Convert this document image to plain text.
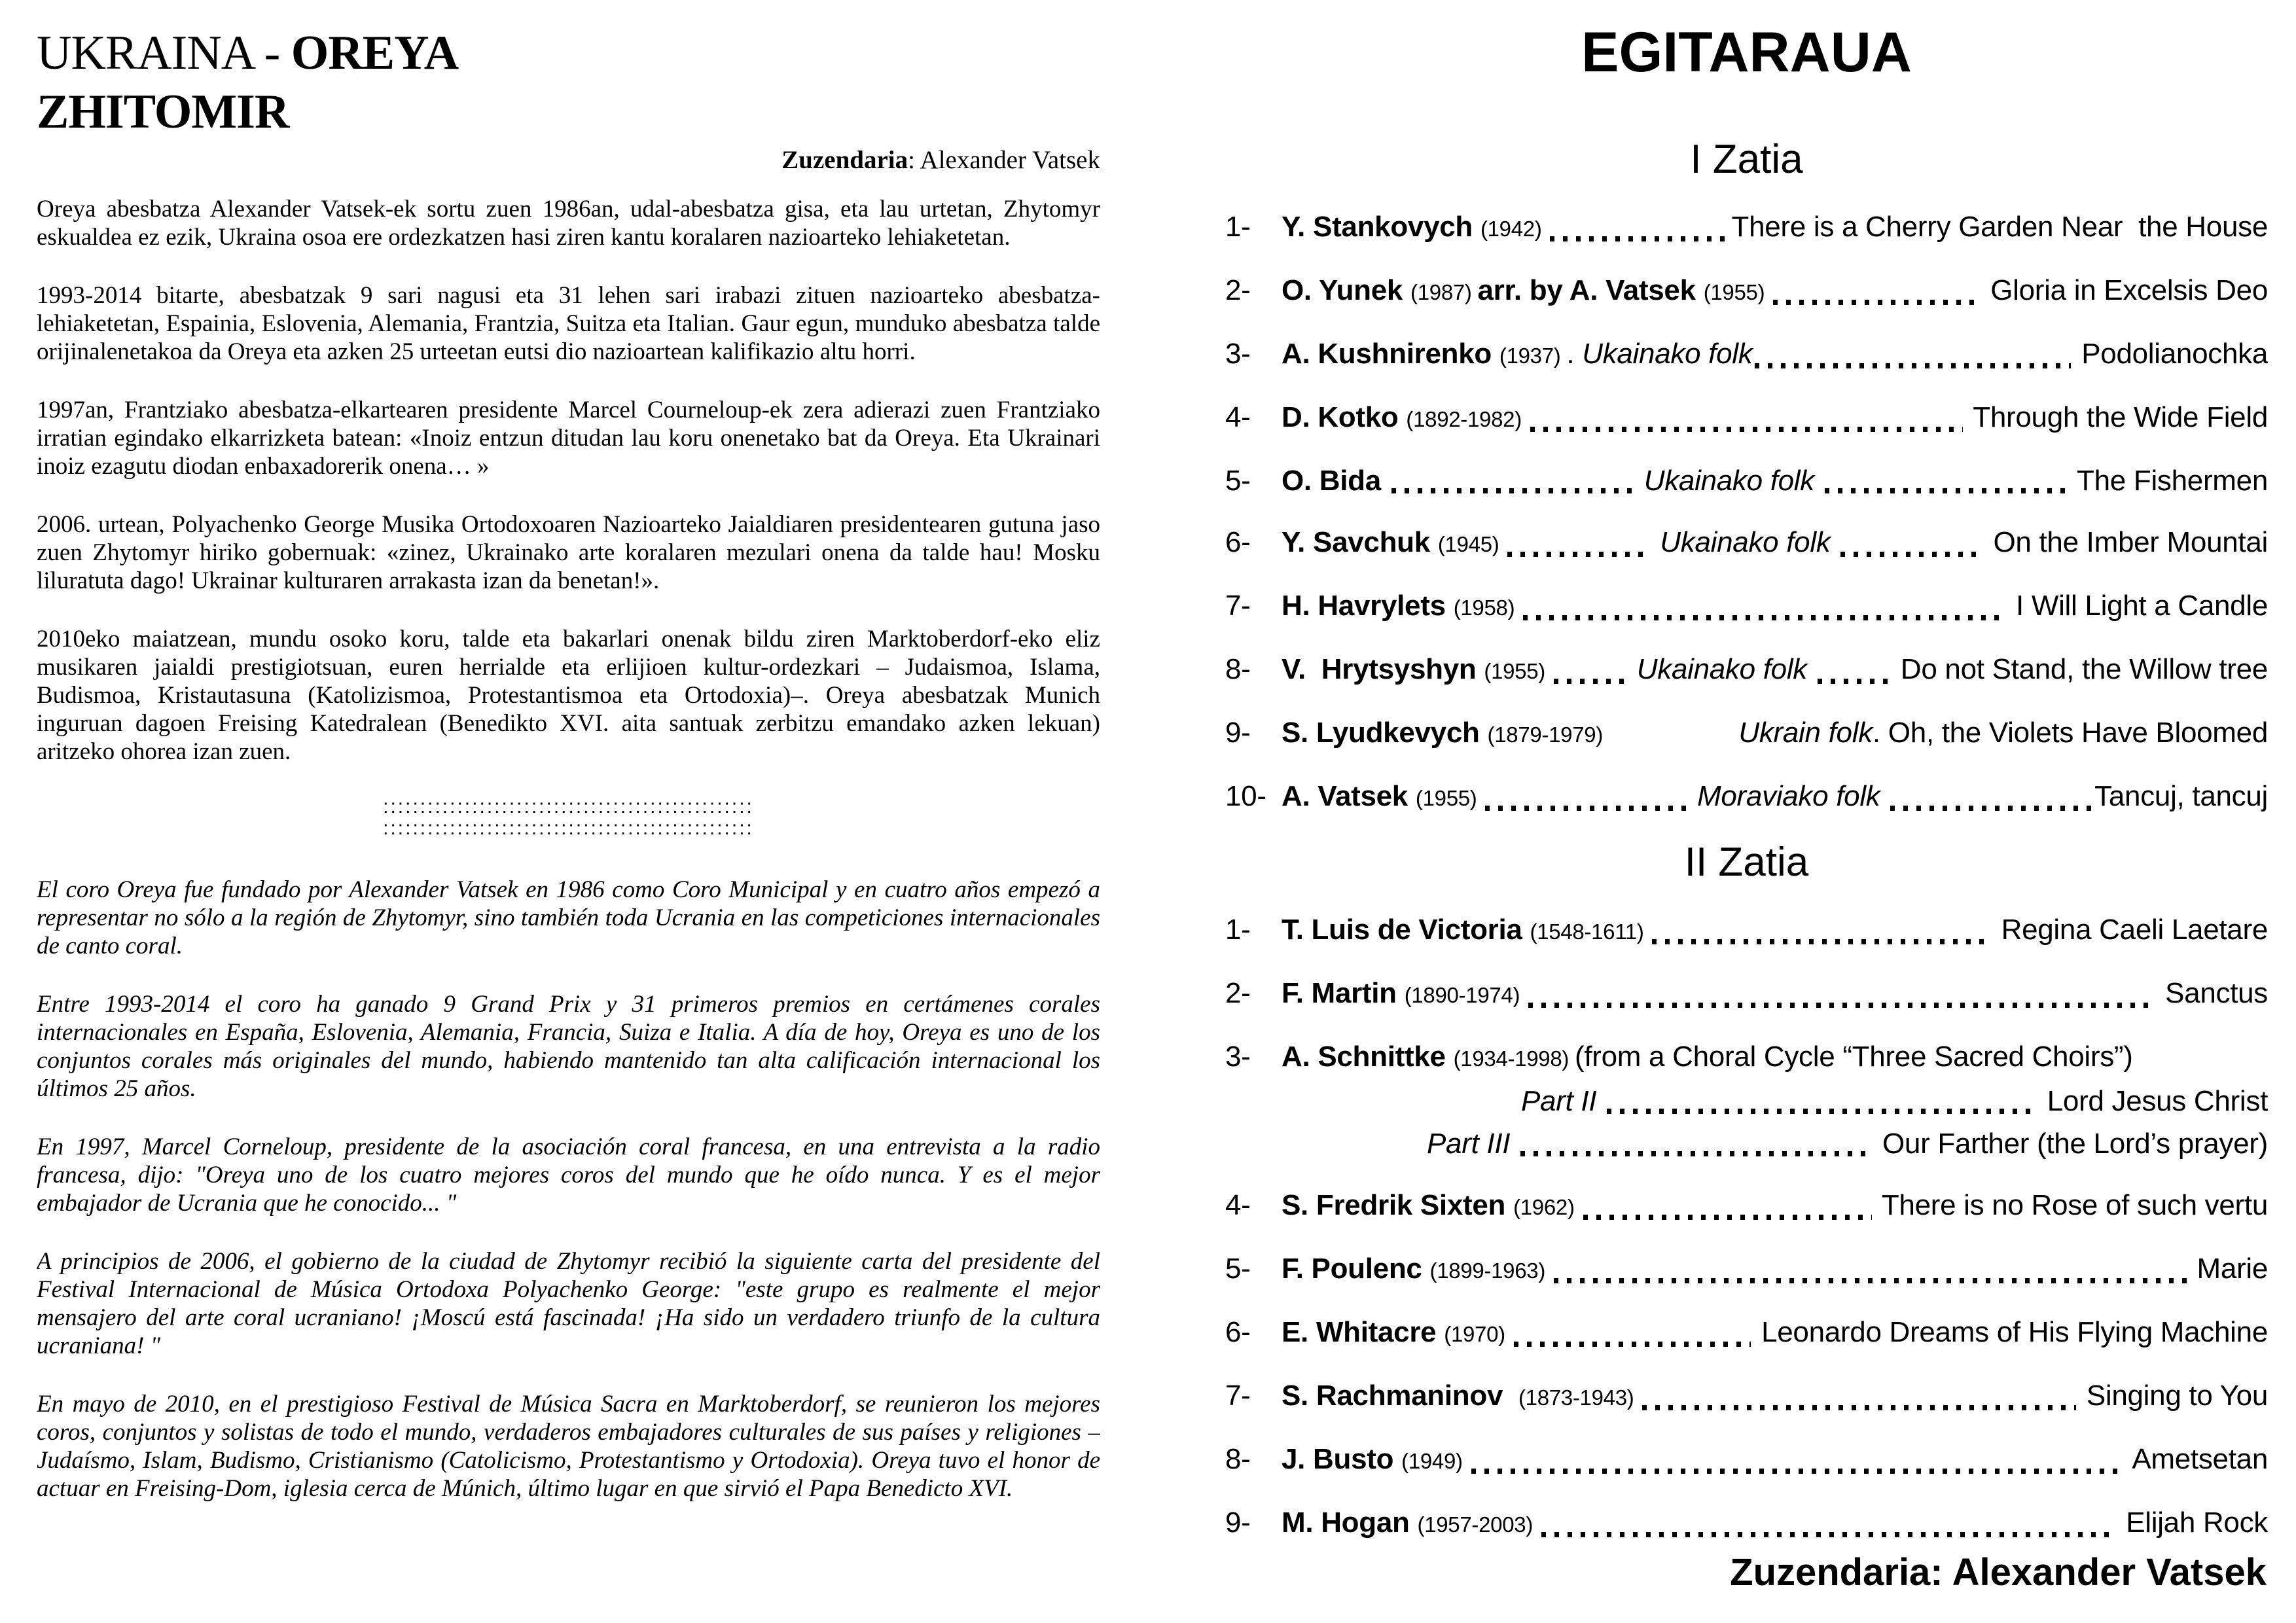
UKRAINA - OREYA
ZHITOMIR
Zuzendaria: Alexander Vatsek

Oreya abesbatza Alexander Vatsek-ek sortu zuen 1986an, udal-abesbatza gisa, eta lau urtetan, Zhytomyr eskualdea ez ezik, Ukraina osoa ere ordezkatzen hasi ziren kantu koralaren nazioarteko lehiaketetan.

1993-2014 bitarte, abesbatzak 9 sari nagusi eta 31 lehen sari irabazi zituen nazioarteko abesbatza-lehiaketetan, Espainia, Eslovenia, Alemania, Frantzia, Suitza eta Italian. Gaur egun, munduko abesbatza talde orijinalenetakoa da Oreya eta azken 25 urteetan eutsi dio nazioartean kalifikazio altu horri.

1997an, Frantziako abesbatza-elkartearen presidente Marcel Courneloup-ek zera adierazi zuen Frantziako irratian egindako elkarrizketa batean: «Inoiz entzun ditudan lau koru onenetako bat da Oreya. Eta Ukrainari inoiz ezagutu diodan enbaxadorerik onena… »

2006. urtean, Polyachenko George Musika Ortodoxoaren Nazioarteko Jaialdiaren presidentearen gutuna jaso zuen Zhytomyr hiriko gobernuak: «zinez, Ukrainako arte koralaren mezulari onena da talde hau! Mosku liluratuta dago! Ukrainar kulturaren arrakasta izan da benetan!».

2010eko maiatzean, mundu osoko koru, talde eta bakarlari onenak bildu ziren Marktoberdorf-eko eliz musikaren jaialdi prestigiotsuan, euren herrialde eta erlijioen kultur-ordezkari – Judaismoa, Islama, Budismoa, Kristautasuna (Katolizismoa, Protestantismoa eta Ortodoxia)–. Oreya abesbatzak Munich inguruan dagoen Freising Katedralean (Benedikto XVI. aita santuak zerbitzu emandako azken lekuan) aritzeko ohorea izan zuen.

::::::::::::::::::::::::::::::::::::::::::::::::::
::::::::::::::::::::::::::::::::::::::::::::::::::

El coro Oreya fue fundado por Alexander Vatsek en 1986 como Coro Municipal y en cuatro años empezó a representar no sólo a la región de Zhytomyr, sino también toda Ucrania en las competiciones internacionales de canto coral.

Entre 1993-2014 el coro ha ganado 9 Grand Prix y 31 primeros premios en certámenes corales internacionales en España, Eslovenia, Alemania, Francia, Suiza e Italia. A día de hoy, Oreya es uno de los conjuntos corales más originales del mundo, habiendo mantenido tan alta calificación internacional los últimos 25 años.

En 1997, Marcel Corneloup, presidente de la asociación coral francesa, en una entrevista a la radio francesa, dijo: "Oreya uno de los cuatro mejores coros del mundo que he oído nunca. Y es el mejor embajador de Ucrania que he conocido... "

A principios de 2006, el gobierno de la ciudad de Zhytomyr recibió la siguiente carta del presidente del Festival Internacional de Música Ortodoxa Polyachenko George: "este grupo es realmente el mejor mensajero del arte coral ucraniano! ¡Moscú está fascinada! ¡Ha sido un verdadero triunfo de la cultura ucraniana! "

En mayo de 2010, en el prestigioso Festival de Música Sacra en Marktoberdorf, se reunieron los mejores coros, conjuntos y solistas de todo el mundo, verdaderos embajadores culturales de sus países y religiones –Judaísmo, Islam, Budismo, Cristianismo (Catolicismo, Protestantismo y Ortodoxia). Oreya tuvo el honor de actuar en Freising-Dom, iglesia cerca de Múnich, último lugar en que sirvió el Papa Benedicto XVI.

EGITARAUA
I Zatia
1-	Y. Stankovych (1942)	There is a Cherry Garden Near  the House
2-	O. Yunek (1987) arr. by A. Vatsek (1955)	Gloria in Excelsis Deo
3-	A. Kushnirenko (1937) . Ukainako folk	Podolianochka
4-	D. Kotko (1892-1982)	Through the Wide Field
5-	O. Bida	Ukainako folk	The Fishermen
6-	Y. Savchuk (1945)	Ukainako folk	On the Imber Mountai
7-	H. Havrylets (1958)	I Will Light a Candle
8-	V.  Hrytsyshyn (1955)	Ukainako folk	Do not Stand, the Willow tree
9-	S. Lyudkevych (1879-1979)	Ukrain folk . Oh, the Violets Have Bloomed
10- A. Vatsek (1955)	Moraviako folk	Tancuj, tancuj
II Zatia
1-	T. Luis de Victoria (1548-1611)	Regina Caeli Laetare
2-	F. Martin (1890-1974)	Sanctus
3-	A. Schnittke (1934-1998) (from a Choral Cycle “Three Sacred Choirs”)
Part II	Lord Jesus Christ
Part III	Our Farther (the Lord’s prayer)
4-	S. Fredrik Sixten (1962)	There is no Rose of such vertu
5-	F. Poulenc (1899-1963)	Marie
6-	E. Whitacre (1970)	Leonardo Dreams of His Flying Machine
7-	S. Rachmaninov (1873-1943)	Singing to You
8-	J. Busto (1949)	Ametsetan
9-	M. Hogan (1957-2003)	Elijah Rock
Zuzendaria: Alexander Vatsek
